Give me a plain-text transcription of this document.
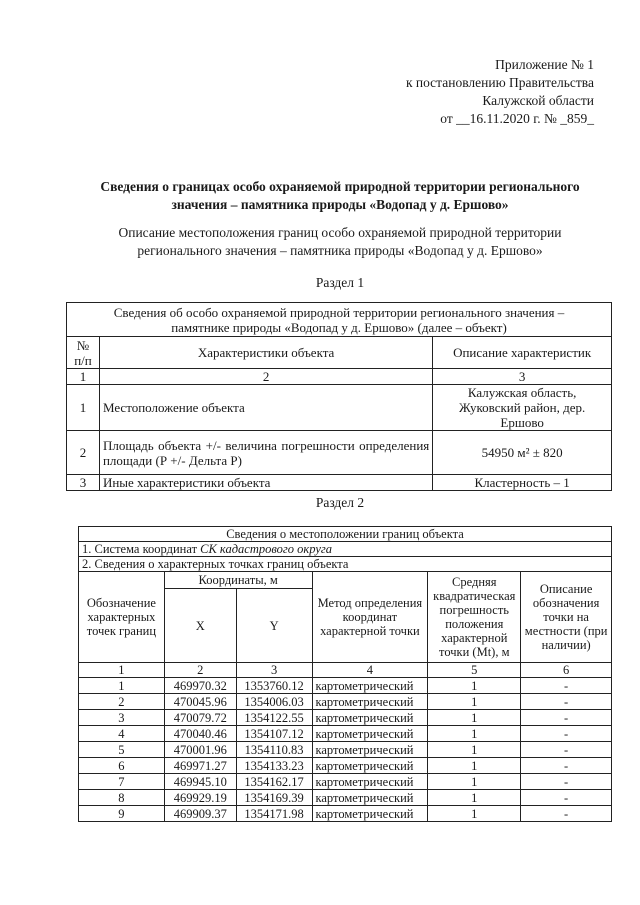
Приложение № 1
к постановлению Правительства
Калужской области
от __16.11.2020 г. № _859_
Сведения о границах особо охраняемой природной территории регионального
значения – памятника природы «Водопад у д. Ершово»
Описание местоположения границ особо охраняемой природной территории
регионального значения – памятника природы «Водопад у д. Ершово»
Раздел 1
Сведения об особо охраняемой природной территории регионального значения –
памятнике природы «Водопад у д. Ершово» (далее – объект)		

№ п/п	Характеристики объекта	Описание характеристик
1	2	3
1	Местоположение объекта	Калужская область, Жуковский район, дер. Ершово
2	Площадь объекта +/- величина погрешности определения площади (Р +/- Дельта Р)	54950 м² ± 820
3	Иные характеристики объекта	Кластерность – 1
Раздел 2
Сведения о местоположении границ объекта					
1. Система координат СК кадастрового округа					
2. Сведения о характерных точках границ объекта					
Обозначение характерных точек границ	Координаты, м		Метод определения координат характерной точки	Средняя квадратическая погрешность положения характерной точки (Mt), м	Описание обозначения точки на местности (при наличии)
	X	Y			
1	2	3	4	5	6
1	469970.32	1353760.12	картометрический	1	-
2	470045.96	1354006.03	картометрический	1	-
3	470079.72	1354122.55	картометрический	1	-
4	470040.46	1354107.12	картометрический	1	-
5	470001.96	1354110.83	картометрический	1	-
6	469971.27	1354133.23	картометрический	1	-
7	469945.10	1354162.17	картометрический	1	-
8	469929.19	1354169.39	картометрический	1	-
9	469909.37	1354171.98	картометрический	1	-
